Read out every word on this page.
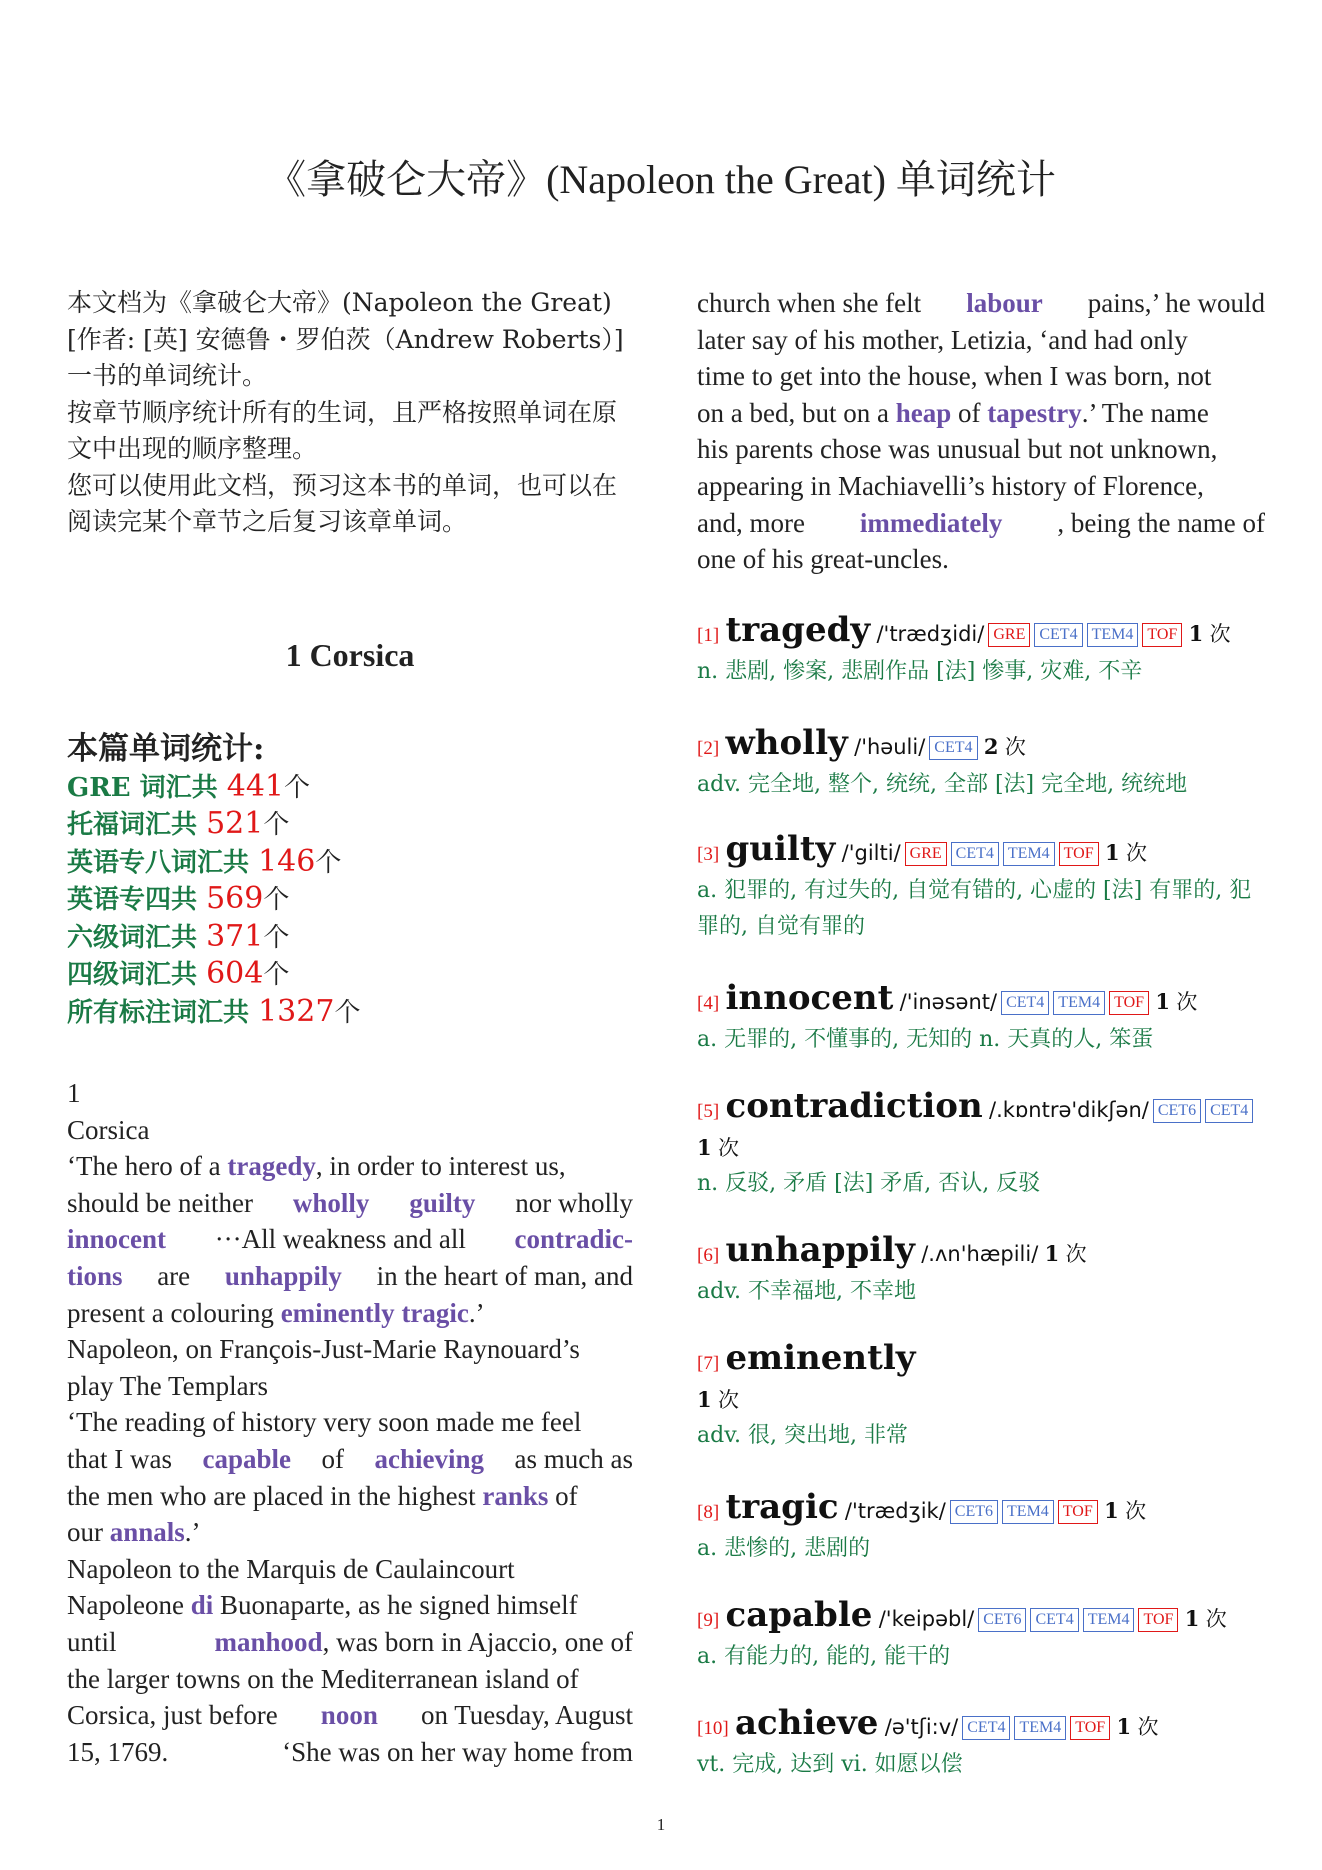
《拿破仑大帝》(Napoleon the Great) 单词统计

本文档为《拿破仑大帝》(Napoleon the Great)[作者: [英] 安德鲁・罗伯茨（Andrew Roberts）] 一书的单词统计。

按章节顺序统计所有的生词，且严格按照单词在原文中出现的顺序整理。

您可以使用此文档，预习这本书的单词，也可以在阅读完某个章节之后复习该章单词。

1 Corsica
本篇单词统计:
GRE 词汇共 441个
托福词汇共 521个
英语专八词汇共 146个
英语专四共 569个
六级词汇共 371个
四级词汇共 604个
所有标注词汇共 1327个
1
Corsica
‘The hero of a
tragedy , in order to interest us,
should be neither wholly guilty nor wholly
innocent ···All weakness and all contradic-
tions are unhappily in the heart of man, and
present a colouring
eminently
tragic .’
Napoleon, on François-Just-Marie Raynouard’s
play The Templars
‘The reading of history very soon made me feel
that I was capable of achieving as much as
the men who are placed in the highest
ranks
of
our
annals .’
Napoleon to the Marquis de Caulaincourt
Napoleone
di
Buonaparte, as he signed himself
until	manhood, was born in Ajaccio, one of
the larger towns on the Mediterranean island of
Corsica, just before noon on Tuesday, August
15, 1769.	‘She was on her way home from
church when she felt labour pains,’ he would
later say of his mother, Letizia, ‘and had only
time to get into the house, when I was born, not
on a bed, but on a
heap
of
tapestry .’ The name
his parents chose was unusual but not unknown,
appearing in Machiavelli’s history of Florence,
and, more immediately , being the name of
one of his great-uncles.
[1] tragedy /'trædʒidi/ GRE CET4 TEM4 TOF 1 次
n. 悲剧, 惨案, 悲剧作品 [法] 惨事, 灾难, 不辛
[2] wholly /'həuli/ CET4 2 次
adv. 完全地, 整个, 统统, 全部 [法] 完全地, 统统地
[3] guilty /'gilti/ GRE CET4 TEM4 TOF 1 次
a. 犯罪的, 有过失的, 自觉有错的, 心虚的 [法] 有罪的, 犯罪的, 自觉有罪的
[4] innocent /'inəsənt/ CET4 TEM4 TOF 1 次
a. 无罪的, 不懂事的, 无知的 n. 天真的人, 笨蛋
[5] contradiction /.kɒntrə'dikʃən/ CET6 CET4 1 次
n. 反驳, 矛盾 [法] 矛盾, 否认, 反驳
[6] unhappily /.ʌn'hæpili/ 1 次
adv. 不幸福地, 不幸地
[7] eminently
1 次
adv. 很, 突出地, 非常
[8] tragic /'trædʒik/ CET6 TEM4 TOF 1 次
a. 悲惨的, 悲剧的
[9] capable /'keipəbl/ CET6 CET4 TEM4 TOF 1 次
a. 有能力的, 能的, 能干的
[10] achieve /ə'tʃi:v/ CET4 TEM4 TOF 1 次
vt. 完成, 达到 vi. 如愿以偿
1
